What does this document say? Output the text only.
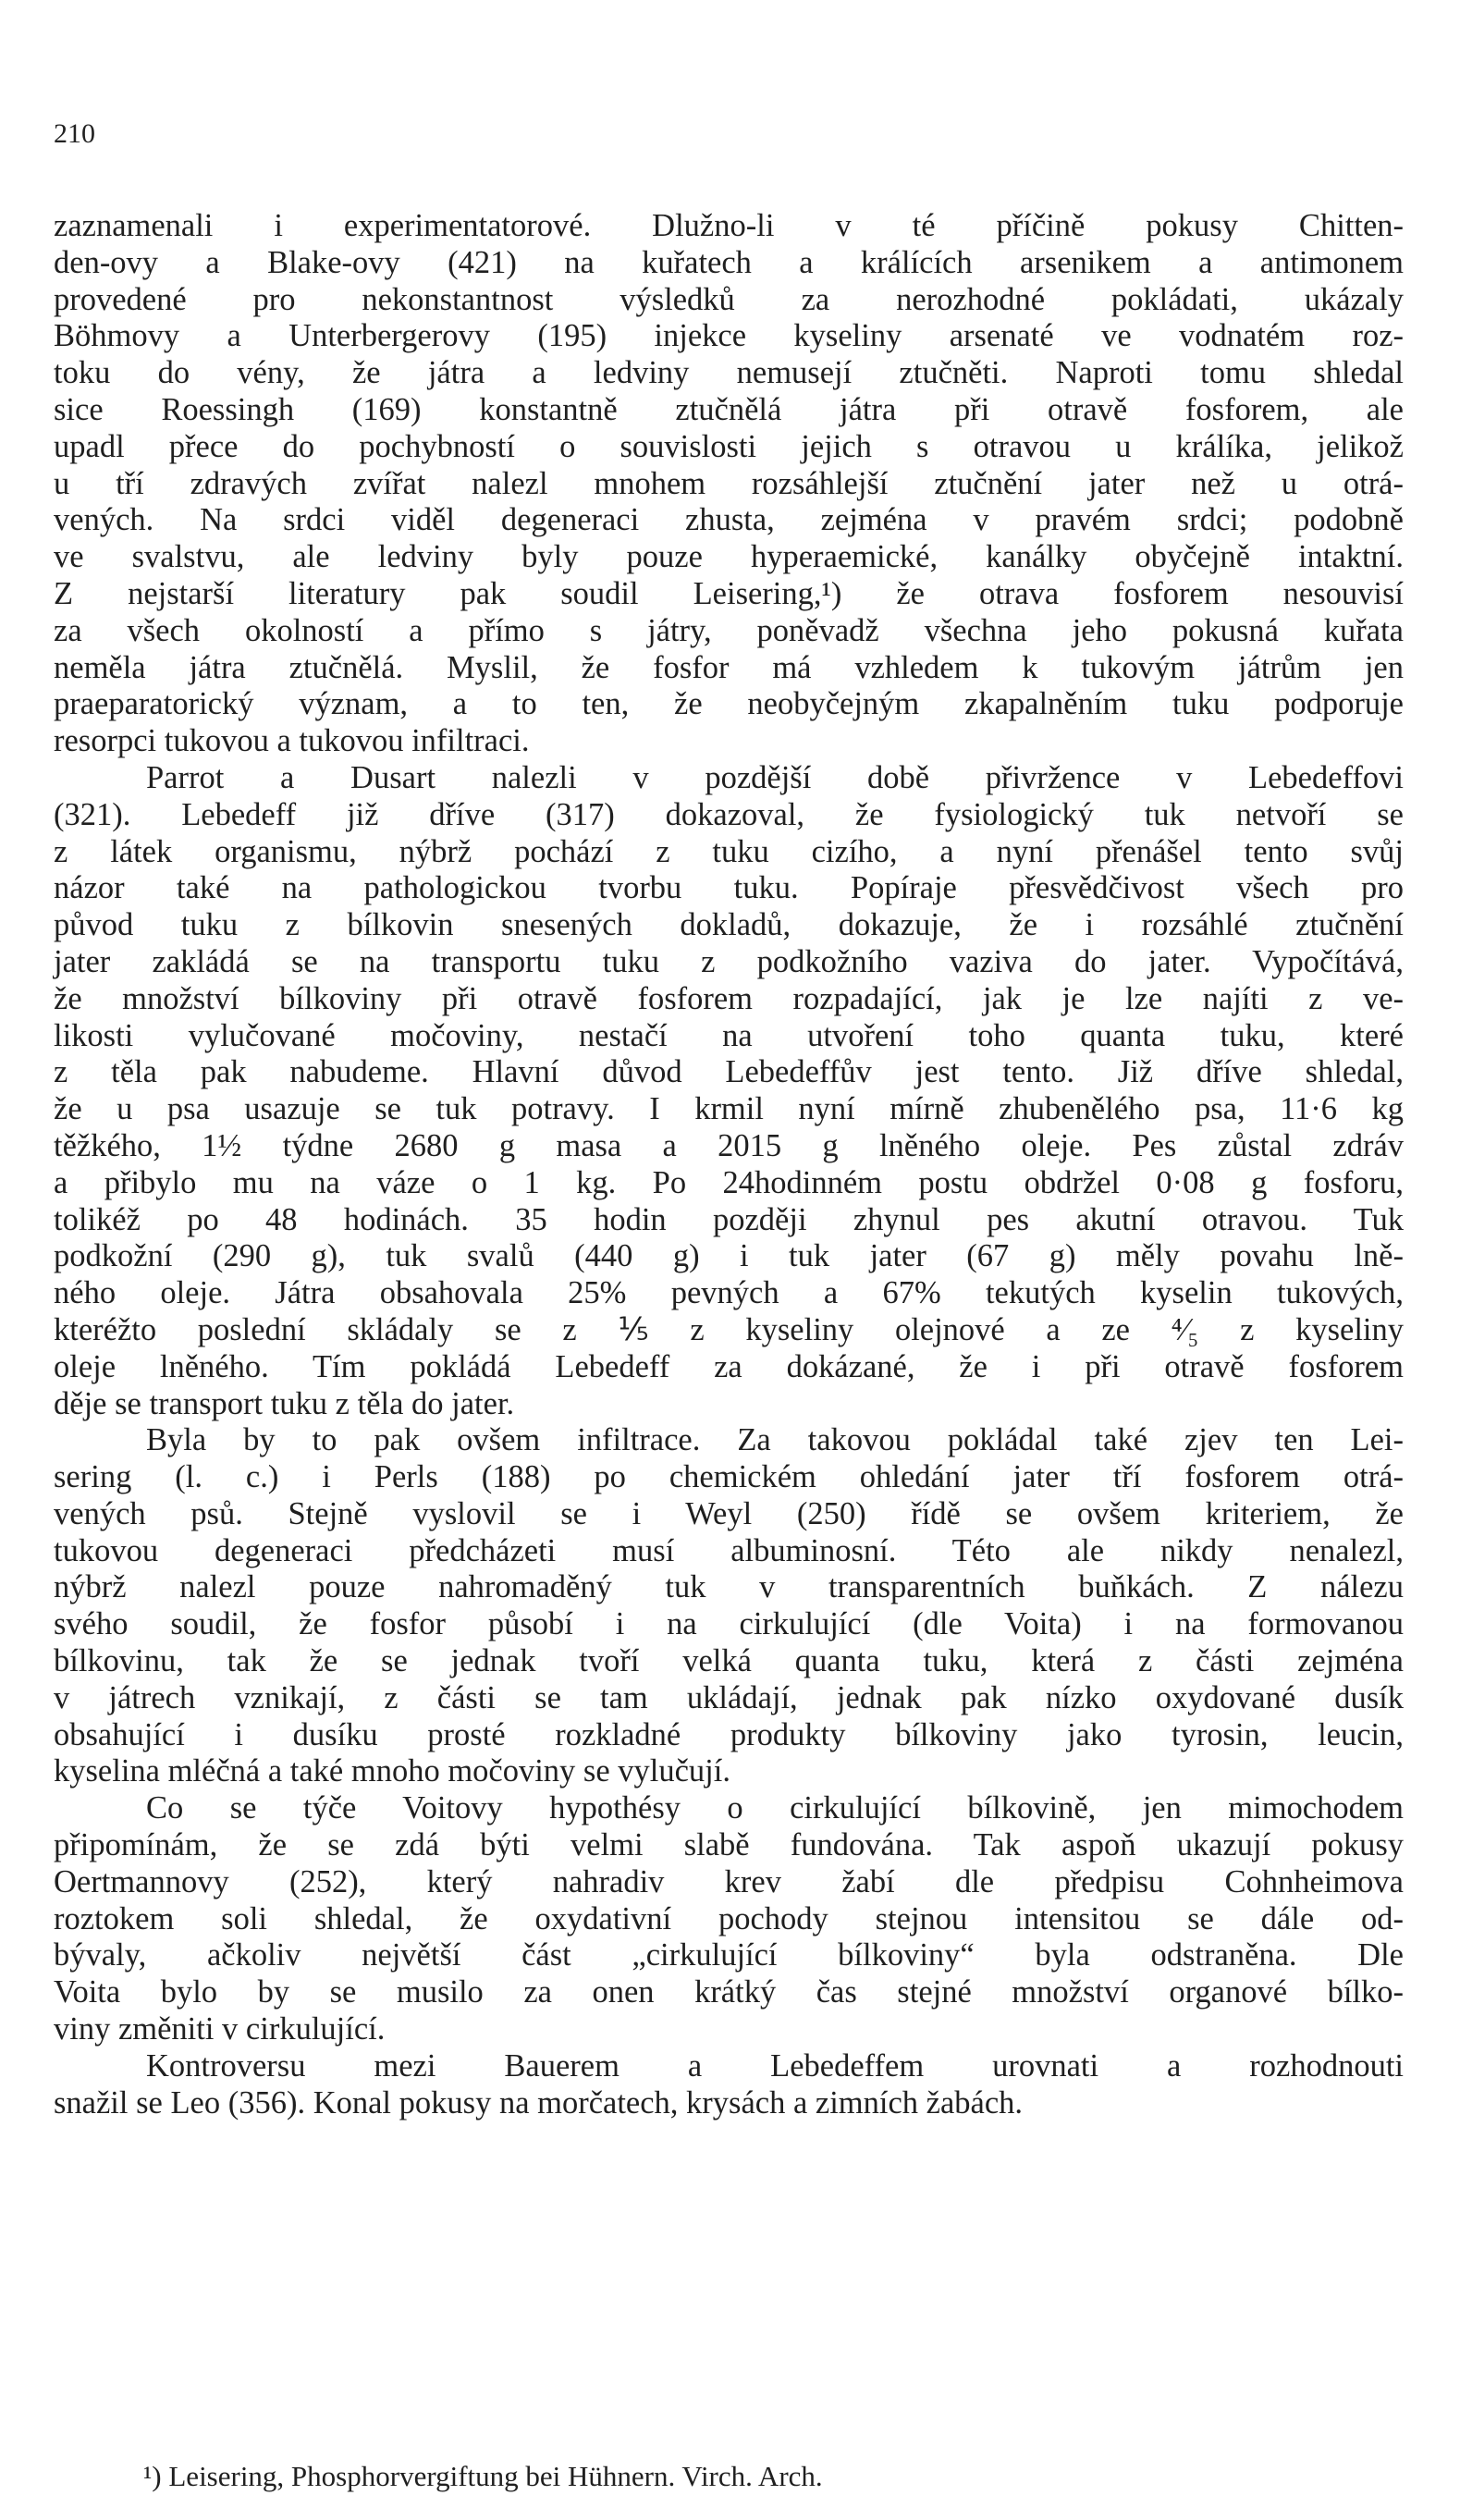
210

zaznamenali i experimentatorové. Dlužno-li v té příčině pokusy Chitten-
den-ovy a Blake-ovy (421) na kuřatech a králících arsenikem a antimonem
provedené pro nekonstantnost výsledků za nerozhodné pokládati, ukázaly
Böhmovy a Unterbergerovy (195) injekce kyseliny arsenaté ve vodnatém roz-
toku do vény, že játra a ledviny nemusejí ztučněti. Naproti tomu shledal
sice Roessingh (169) konstantně ztučnělá játra při otravě fosforem, ale
upadl přece do pochybností o souvislosti jejich s otravou u králíka, jelikož
u tří zdravých zvířat nalezl mnohem rozsáhlejší ztučnění jater než u otrá-
vených. Na srdci viděl degeneraci zhusta, zejména v pravém srdci; podobně
ve svalstvu, ale ledviny byly pouze hyperaemické, kanálky obyčejně intaktní.
Z nejstarší literatury pak soudil Leisering,¹) že otrava fosforem nesouvisí
za všech okolností a přímo s játry, poněvadž všechna jeho pokusná kuřata
neměla játra ztučnělá. Myslil, že fosfor má vzhledem k tukovým játrům jen
praeparatorický význam, a to ten, že neobyčejným zkapalněním tuku podporuje
resorpci tukovou a tukovou infiltraci.

Parrot a Dusart nalezli v pozdější době přivržence v Lebedeffovi
(321). Lebedeff již dříve (317) dokazoval, že fysiologický tuk netvoří se
z látek organismu, nýbrž pochází z tuku cizího, a nyní přenášel tento svůj
názor také na pathologickou tvorbu tuku. Popíraje přesvědčivost všech pro
původ tuku z bílkovin snesených dokladů, dokazuje, že i rozsáhlé ztučnění
jater zakládá se na transportu tuku z podkožního vaziva do jater. Vypočítává,
že množství bílkoviny při otravě fosforem rozpadající, jak je lze najíti z ve-
likosti vylučované močoviny, nestačí na utvoření toho quanta tuku, které
z těla pak nabudeme. Hlavní důvod Lebedeffův jest tento. Již dříve shledal,
že u psa usazuje se tuk potravy. I krmil nyní mírně zhubenělého psa, 11·6 kg
těžkého, 1½ týdne 2680 g masa a 2015 g lněného oleje. Pes zůstal zdráv
a přibylo mu na váze o 1 kg. Po 24hodinném postu obdržel 0·08 g fosforu,
tolikéž po 48 hodinách. 35 hodin později zhynul pes akutní otravou. Tuk
podkožní (290 g), tuk svalů (440 g) i tuk jater (67 g) měly povahu lně-
ného oleje. Játra obsahovala 25% pevných a 67% tekutých kyselin tukových,
kteréžto poslední skládaly se z ⅕ z kyseliny olejnové a ze ⁴⁄₅ z kyseliny
oleje lněného. Tím pokládá Lebedeff za dokázané, že i při otravě fosforem
děje se transport tuku z těla do jater.

Byla by to pak ovšem infiltrace. Za takovou pokládal také zjev ten Lei-
sering (l. c.) i Perls (188) po chemickém ohledání jater tří fosforem otrá-
vených psů. Stejně vyslovil se i Weyl (250) řídě se ovšem kriteriem, že
tukovou degeneraci předcházeti musí albuminosní. Této ale nikdy nenalezl,
nýbrž nalezl pouze nahromaděný tuk v transparentních buňkách. Z nálezu
svého soudil, že fosfor působí i na cirkulující (dle Voita) i na formovanou
bílkovinu, tak že se jednak tvoří velká quanta tuku, která z části zejména
v játrech vznikají, z části se tam ukládají, jednak pak nízko oxydované dusík
obsahující i dusíku prosté rozkladné produkty bílkoviny jako tyrosin, leucin,
kyselina mléčná a také mnoho močoviny se vylučují.

Co se týče Voitovy hypothésy o cirkulující bílkovině, jen mimochodem
připomínám, že se zdá býti velmi slabě fundována. Tak aspoň ukazují pokusy
Oertmannovy (252), který nahradiv krev žabí dle předpisu Cohnheimova
roztokem soli shledal, že oxydativní pochody stejnou intensitou se dále od-
bývaly, ačkoliv největší část „cirkulující bílkoviny“ byla odstraněna. Dle
Voita bylo by se musilo za onen krátký čas stejné množství organové bílko-
viny změniti v cirkulující.

Kontroversu mezi Bauerem a Lebedeffem urovnati a rozhodnouti
snažil se Leo (356). Konal pokusy na morčatech, krysách a zimních žabách.

¹) Leisering, Phosphorvergiftung bei Hühnern. Virch. Arch.
